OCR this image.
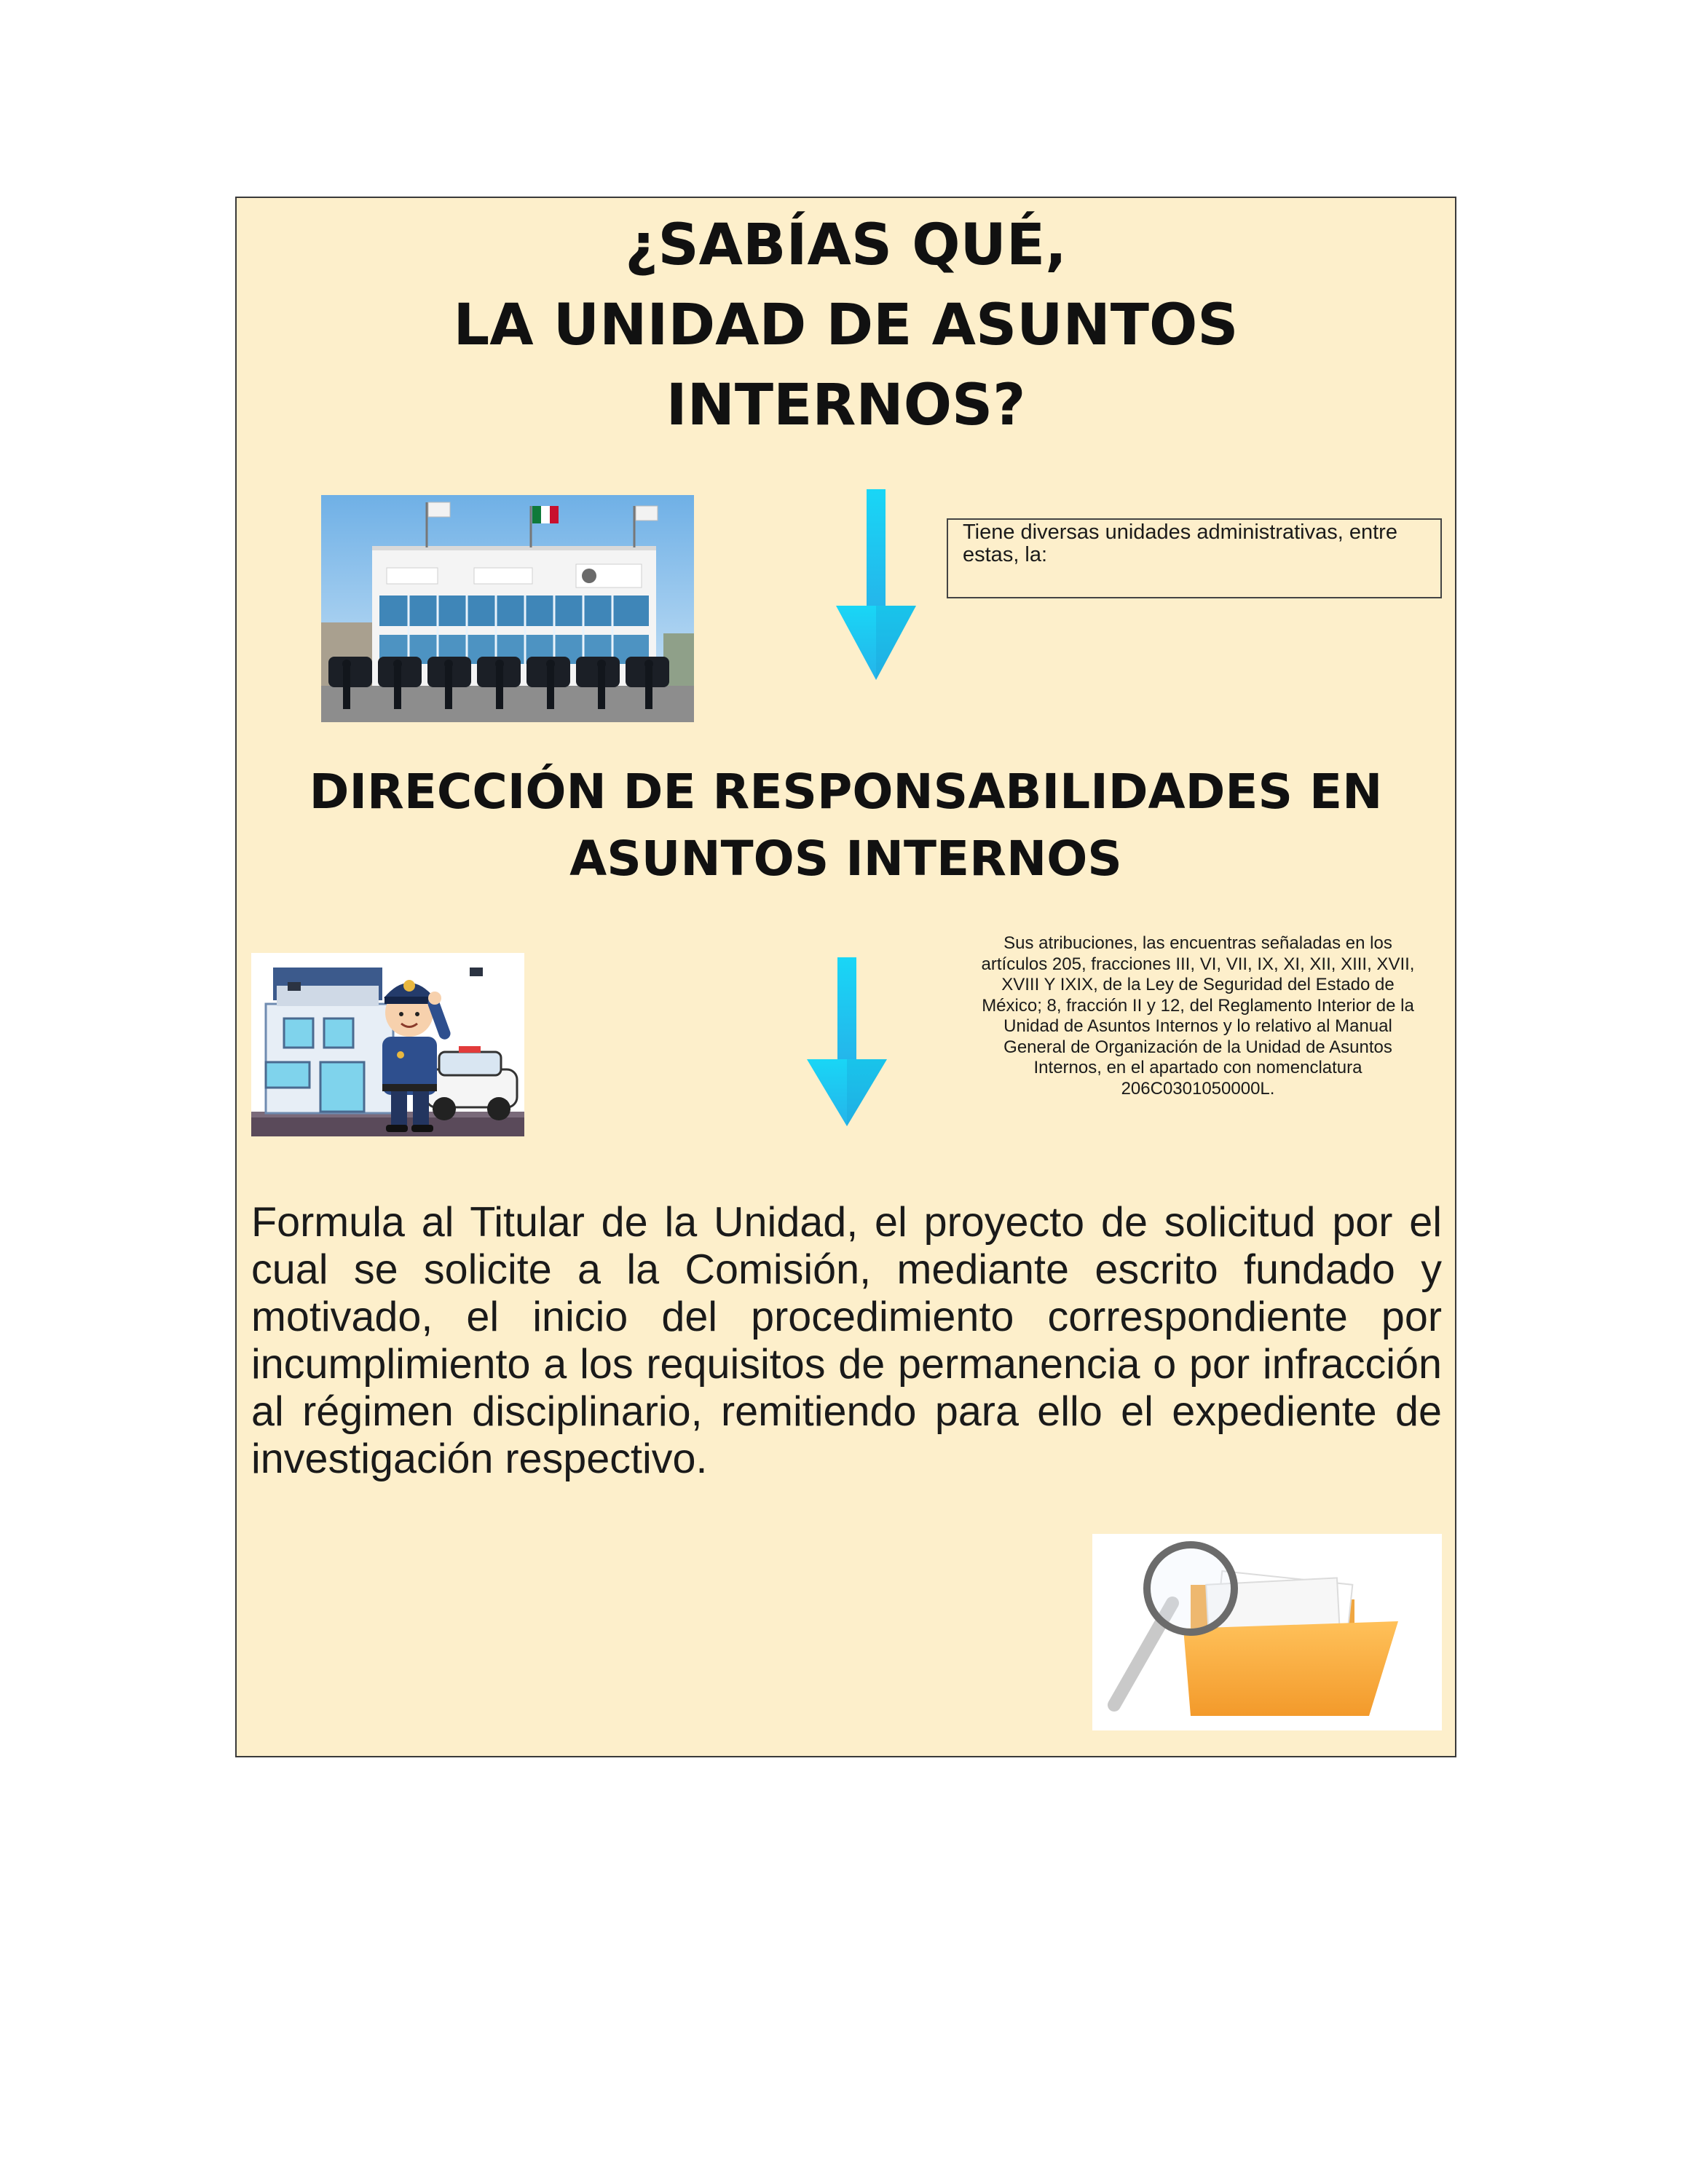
¿SABÍAS QUÉ,
LA UNIDAD DE ASUNTOS
INTERNOS?
Tiene diversas unidades administrativas, entre estas, la:
DIRECCIÓN DE RESPONSABILIDADES EN
ASUNTOS INTERNOS
Sus atribuciones, las encuentras señaladas en los artículos 205, fracciones III, VI, VII, IX, XI, XII, XIII, XVII, XVIII Y IXIX, de la Ley de Seguridad del Estado de México; 8, fracción II y 12, del Reglamento Interior de la Unidad de Asuntos Internos y lo relativo al Manual General de Organización de la Unidad de Asuntos Internos, en el apartado con nomenclatura 206C0301050000L.
Formula al Titular de la Unidad, el proyecto de solicitud por el cual se solicite a la Comisión, mediante escrito fundado y motivado, el inicio del procedimiento correspondiente por incumplimiento a los requisitos de permanencia o por infracción al régimen disciplinario, remitiendo para ello el expediente de investigación respectivo.
